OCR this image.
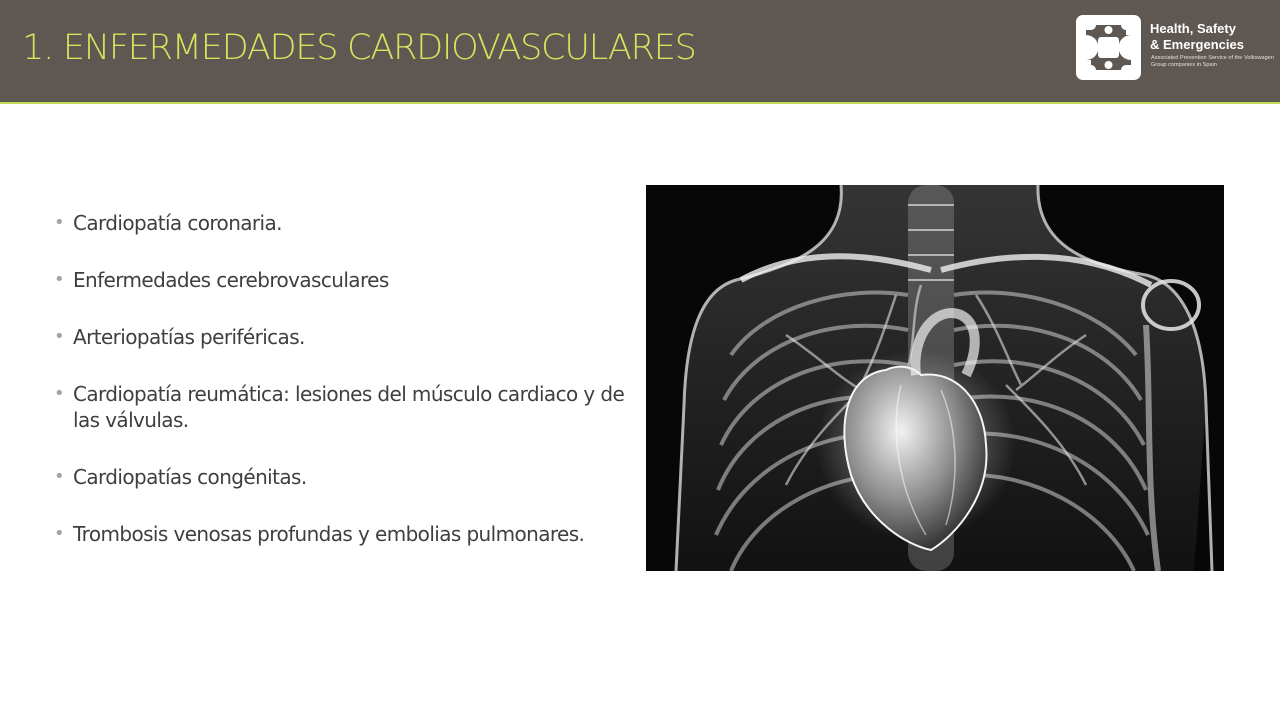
1. ENFERMEDADES CARDIOVASCULARES	Health, Safety
& Emergencies
Associated Prevention Service of the Volkswagen Group companies in Spain
• Cardiopatía coronaria.
• Enfermedades cerebrovasculares
• Arteriopatías periféricas.
• Cardiopatía reumática: lesiones del músculo cardiaco y de las válvulas.
• Cardiopatías congénitas.
• Trombosis venosas profundas y embolias pulmonares.
